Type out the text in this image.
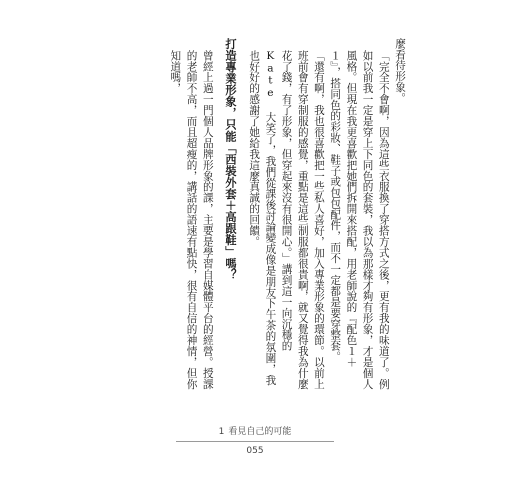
麼看待形象。

「完全不會啊，因為這些衣服換了穿搭方式之後，更有我的味道了。例如以前我一定是穿上下同色的套裝，我以為那樣才夠有形象，才是個人風格。但現在我更喜歡把她們拆開來搭配，用老師說的『配色１＋１』，搭同色的彩妝、鞋子或包包配件，而不一定都是要穿整套。

「還有啊，我也很喜歡把一些私人喜好，加入專業形象的環節。以前上班前會有穿制服的感覺，重點是這些制服都很貴啊，就又覺得我為什麼花了錢，有了形象，但穿起來沒有很開心。」講到這一向沉穩的 Kate 大笑了，我們從課後討論變成像是朋友下午茶的氛圍，我也好好的感謝了她給我這麼真誠的回饋。

打造專業形象，只能「西裝外套＋高跟鞋」嗎？

曾經上過一門個人品牌形象的課，主要是學習自媒體平台的經營。授課的老師不高，而且超瘦的，講話的語速有點快，很有自信的神情，但你知道嗎，

1 看見自己的可能
055
